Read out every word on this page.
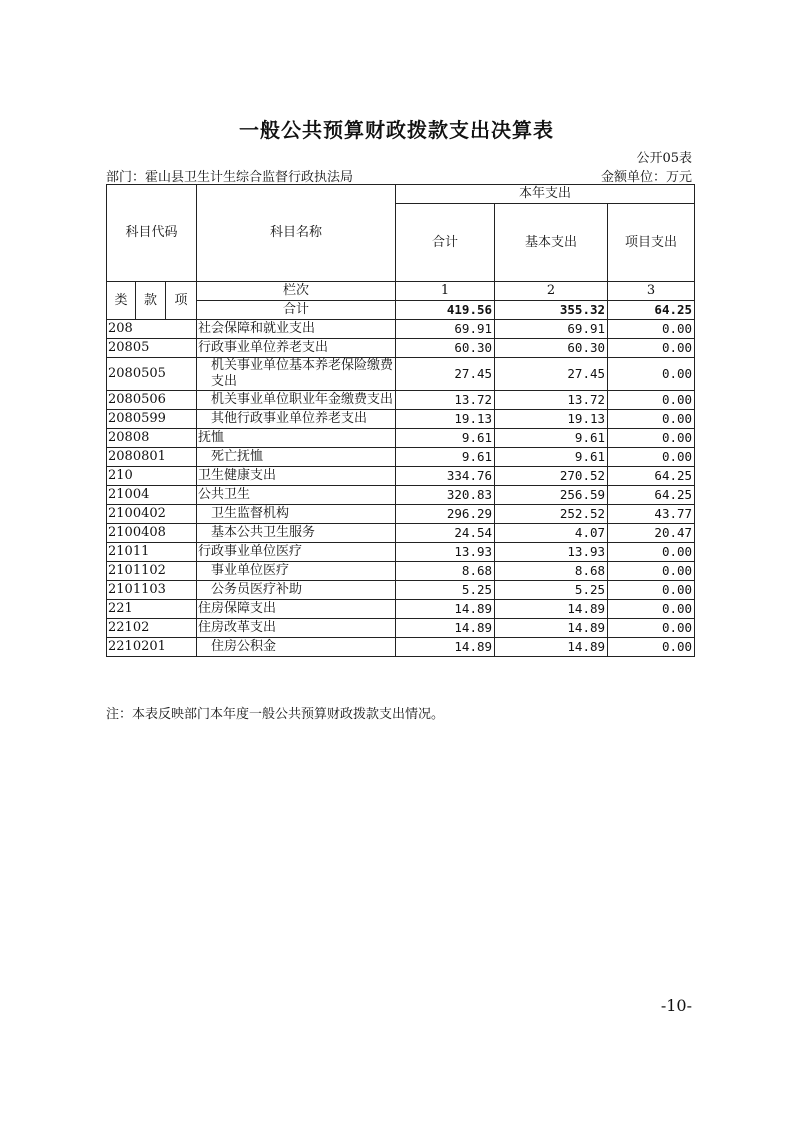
一般公共预算财政拨款支出决算表
公开05表
部门：霍山县卫生计生综合监督行政执法局	金额单位：万元
科目代码			科目名称	本年支出		
				合计	基本支出	项目支出
类	款	项	栏次	1	2	3
			合计	419.56	355.32	64.25
208			社会保障和就业支出	69.91	69.91	0.00
20805			行政事业单位养老支出	60.30	60.30	0.00
2080505			机关事业单位基本养老保险缴费支出	27.45	27.45	0.00
2080506			机关事业单位职业年金缴费支出	13.72	13.72	0.00
2080599			其他行政事业单位养老支出	19.13	19.13	0.00
20808			抚恤	9.61	9.61	0.00
2080801			死亡抚恤	9.61	9.61	0.00
210			卫生健康支出	334.76	270.52	64.25
21004			公共卫生	320.83	256.59	64.25
2100402			卫生监督机构	296.29	252.52	43.77
2100408			基本公共卫生服务	24.54	4.07	20.47
21011			行政事业单位医疗	13.93	13.93	0.00
2101102			事业单位医疗	8.68	8.68	0.00
2101103			公务员医疗补助	5.25	5.25	0.00
221			住房保障支出	14.89	14.89	0.00
22102			住房改革支出	14.89	14.89	0.00
2210201			住房公积金	14.89	14.89	0.00
注：本表反映部门本年度一般公共预算财政拨款支出情况。
-10-
